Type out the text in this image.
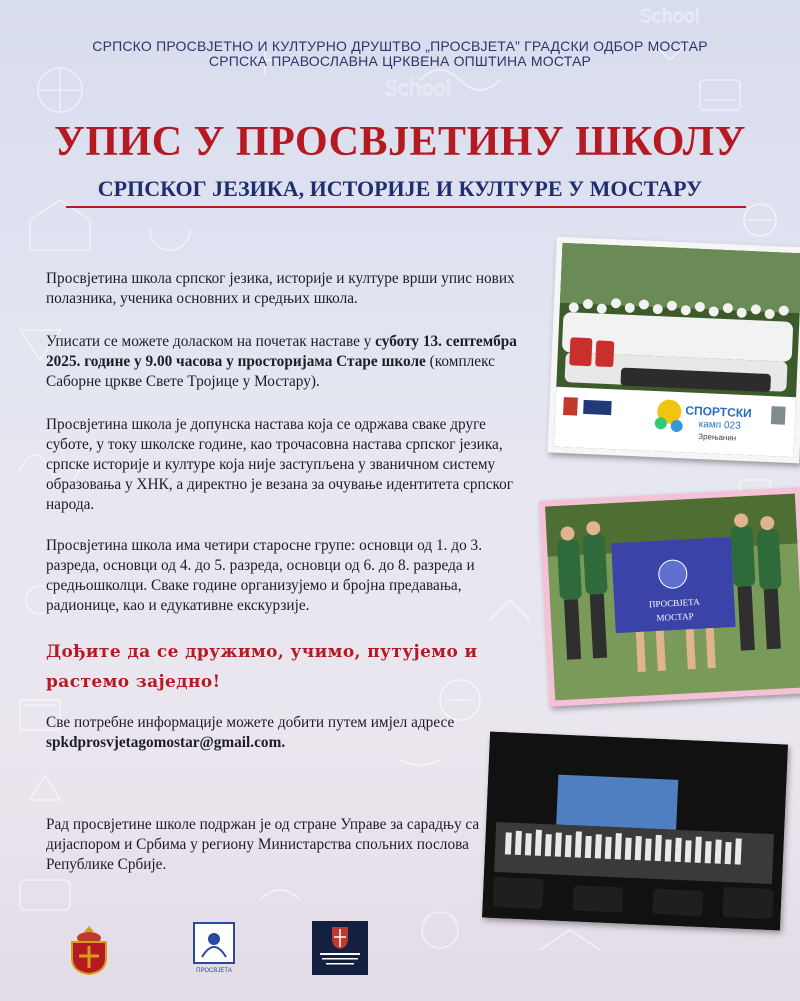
School
School
СРПСКО ПРОСВЈЕТНО И КУЛТУРНО ДРУШТВО „ПРОСВЈЕТА” ГРАДСКИ ОДБОР МОСТАР
СРПСКА ПРАВОСЛАВНА ЦРКВЕНА ОПШТИНА МОСТАР
УПИС У ПРОСВЈЕТИНУ ШКОЛУ
СРПСКОГ ЈЕЗИКА, ИСТОРИЈЕ И КУЛТУРЕ У МОСТАРУ
Просвјетина школа српског језика, историје и културе врши упис нових полазника, ученика основних и средњих школа.
Уписати се можете доласком на почетак наставе у суботу 13. септембра 2025. године у 9.00 часова у просторијама Старе школе (комплекс Саборне цркве Свете Тројице у Мостару).
Просвјетина школа је допунска настава која се одржава сваке друге суботе, у току школске године, као трочасовна настава српског језика, српске историје и културе која није заступљена у званичном систему образовања у ХНК, а директно је везана за очување идентитета српског народа.
Просвјетина школа има четири старосне групе: основци од 1. до 3. разреда, основци од 4. до 5. разреда, основци од 6. до 8. разреда и средњошколци. Сваке године организујемо и бројна предавања, радионице, као и едукативне екскурзије.
Дођите да се дружимо, учимо, путујемо и растемо заједно!
Све потребне информације можете добити путем имјел адресе spkdprosvjetagomostar@gmail.com.
Рад просвјетине школе подржан је од стране Управе за сарадњу са дијаспором и Србима у региону Министарства спољних послова Републике Србије.
СПОРТСКИ
камп 023
Зрењанин
ПРОСВЈЕТА
МОСТАР
ПРОСВЈЕТА
